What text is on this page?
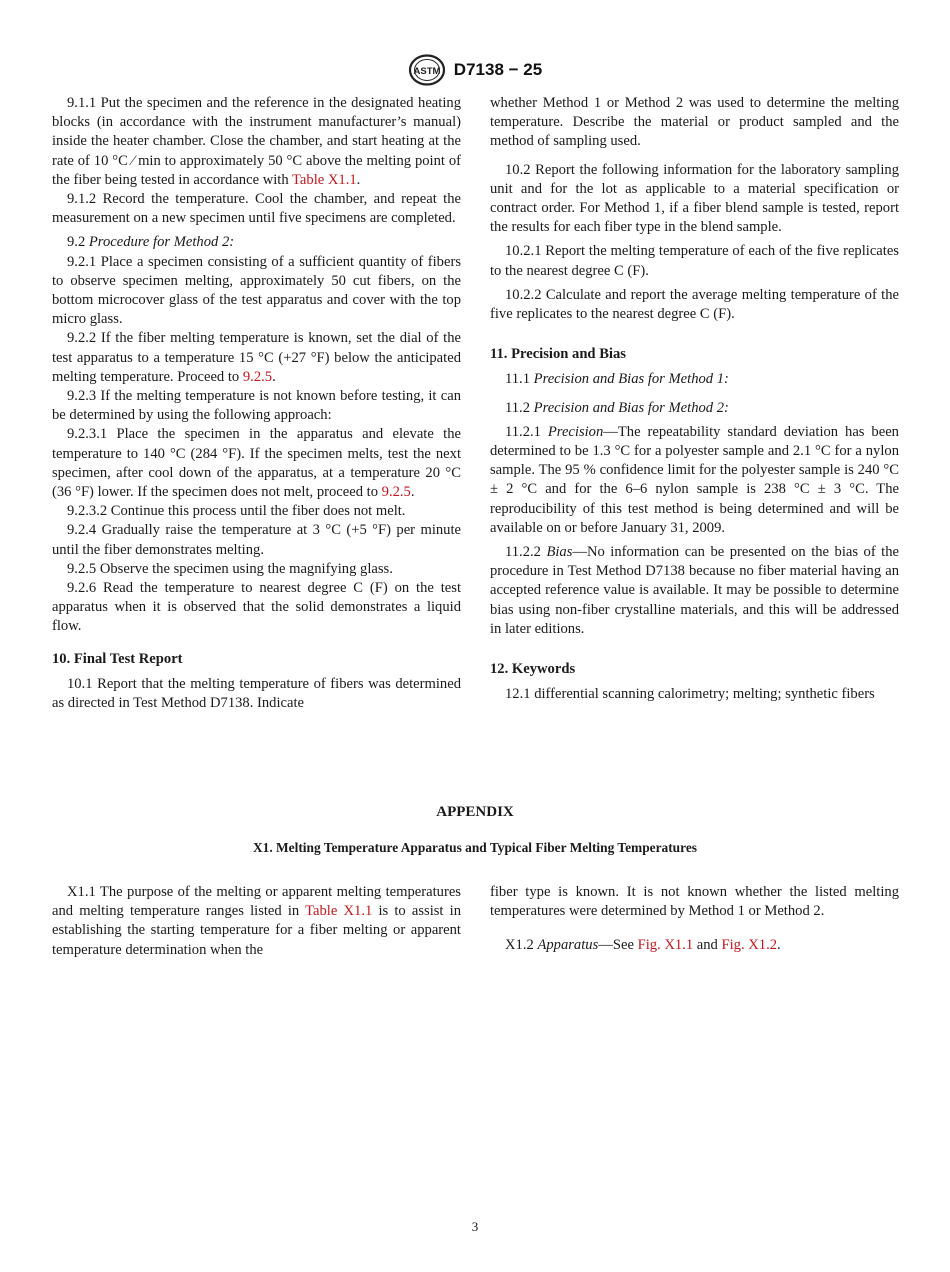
ASTM D7138 − 25

9.1.1 Put the specimen and the reference in the designated heating blocks (in accordance with the instrument manufacturer’s manual) inside the heater chamber. Close the chamber, and start heating at the rate of 10 °C ⁄ min to approximately 50 °C above the melting point of the fiber being tested in accordance with Table X1.1.

9.1.2 Record the temperature. Cool the chamber, and repeat the measurement on a new specimen until five specimens are completed.

9.2 Procedure for Method 2:

9.2.1 Place a specimen consisting of a sufficient quantity of fibers to observe specimen melting, approximately 50 cut fibers, on the bottom microcover glass of the test apparatus and cover with the top micro glass.

9.2.2 If the fiber melting temperature is known, set the dial of the test apparatus to a temperature 15 °C (+27 °F) below the anticipated melting temperature. Proceed to 9.2.5.

9.2.3 If the melting temperature is not known before testing, it can be determined by using the following approach:

9.2.3.1 Place the specimen in the apparatus and elevate the temperature to 140 °C (284 °F). If the specimen melts, test the next specimen, after cool down of the apparatus, at a temperature 20 °C (36 °F) lower. If the specimen does not melt, proceed to 9.2.5.

9.2.3.2 Continue this process until the fiber does not melt.

9.2.4 Gradually raise the temperature at 3 °C (+5 °F) per minute until the fiber demonstrates melting.

9.2.5 Observe the specimen using the magnifying glass.

9.2.6 Read the temperature to nearest degree C (F) on the test apparatus when it is observed that the solid demonstrates a liquid flow.

10. Final Test Report

10.1 Report that the melting temperature of fibers was determined as directed in Test Method D7138. Indicate

whether Method 1 or Method 2 was used to determine the melting temperature. Describe the material or product sampled and the method of sampling used.

10.2 Report the following information for the laboratory sampling unit and for the lot as applicable to a material specification or contract order. For Method 1, if a fiber blend sample is tested, report the results for each fiber type in the blend sample.

10.2.1 Report the melting temperature of each of the five replicates to the nearest degree C (F).

10.2.2 Calculate and report the average melting temperature of the five replicates to the nearest degree C (F).

11. Precision and Bias

11.1 Precision and Bias for Method 1:

11.2 Precision and Bias for Method 2:

11.2.1 Precision—The repeatability standard deviation has been determined to be 1.3 °C for a polyester sample and 2.1 °C for a nylon sample. The 95 % confidence limit for the polyester sample is 240 °C ± 2 °C and for the 6–6 nylon sample is 238 °C ± 3 °C. The reproducibility of this test method is being determined and will be available on or before January 31, 2009.

11.2.2 Bias—No information can be presented on the bias of the procedure in Test Method D7138 because no fiber material having an accepted reference value is available. It may be possible to determine bias using non-fiber crystalline materials, and this will be addressed in later editions.

12. Keywords

12.1 differential scanning calorimetry; melting; synthetic fibers

APPENDIX
X1. Melting Temperature Apparatus and Typical Fiber Melting Temperatures

X1.1 The purpose of the melting or apparent melting temperatures and melting temperature ranges listed in Table X1.1 is to assist in establishing the starting temperature for a fiber melting or apparent temperature determination when the

fiber type is known. It is not known whether the listed melting temperatures were determined by Method 1 or Method 2.

X1.2 Apparatus—See Fig. X1.1 and Fig. X1.2.

3
